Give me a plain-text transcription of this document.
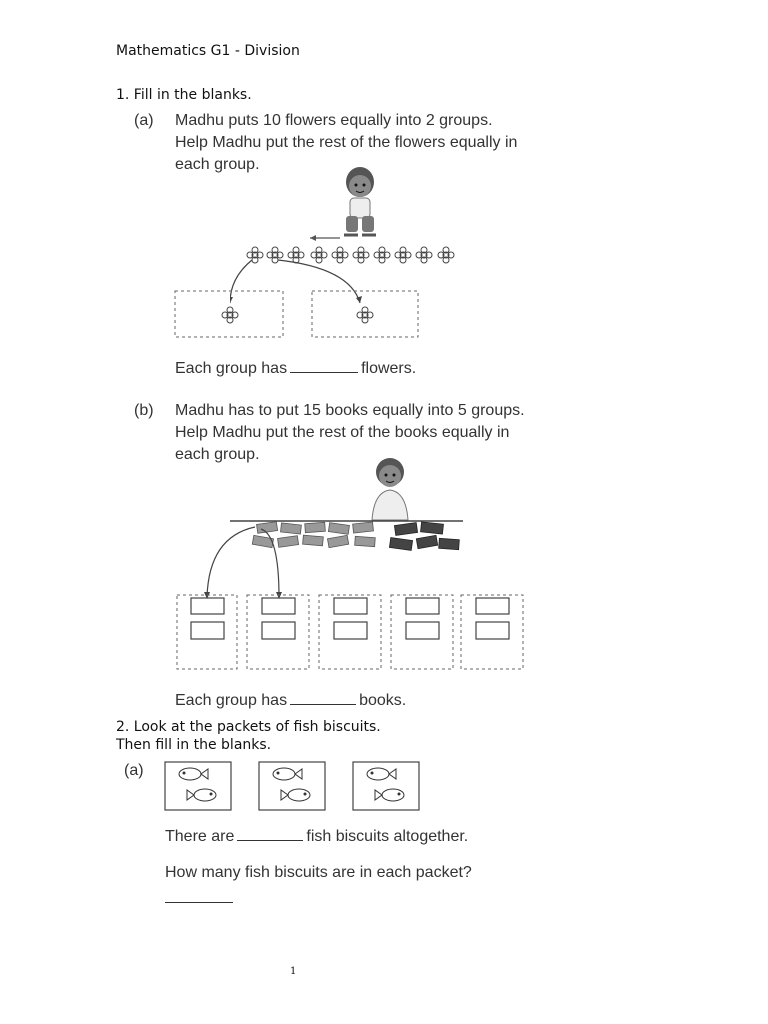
Mathematics G1 - Division
1. Fill in the blanks.
(a) Madhu puts 10 flowers equally into 2 groups.
Help Madhu put the rest of the flowers equally in
each group.
Each group has	flowers.
(b) Madhu has to put 15 books equally into 5 groups.
Help Madhu put the rest of the books equally in
each group.
Each group has	books.
2. Look at the packets of fish biscuits.
Then fill in the blanks.
(a)
There are	fish biscuits altogether.
How many fish biscuits are in each packet?
1
